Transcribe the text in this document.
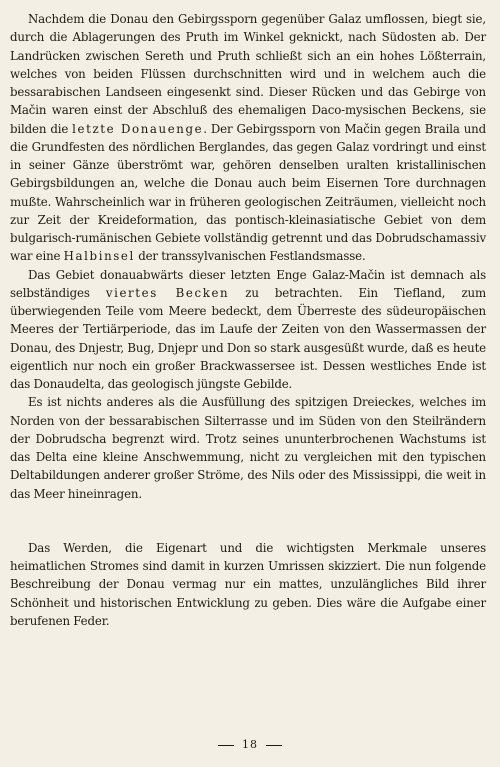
Nachdem die Donau den Gebirgssporn gegenüber Galaz umflossen, biegt sie, durch die Ablagerungen des Pruth im Winkel geknickt, nach Südosten ab. Der Landrücken zwischen Sereth und Pruth schließt sich an ein hohes Lößterrain, welches von beiden Flüssen durchschnitten wird und in welchem auch die bessarabischen Landseen eingesenkt sind. Dieser Rücken und das Gebirge von Mačin waren einst der Abschluß des ehemaligen Daco-mysischen Beckens, sie bilden die letzte Donauenge. Der Gebirgssporn von Mačin gegen Braila und die Grundfesten des nördlichen Berglandes, das gegen Galaz vordringt und einst in seiner Gänze überströmt war, gehören denselben uralten kristallinischen Gebirgsbildungen an, welche die Donau auch beim Eisernen Tore durchnagen mußte. Wahrscheinlich war in früheren geologischen Zeiträumen, vielleicht noch zur Zeit der Kreideformation, das pontisch-kleinasiatische Gebiet von dem bulgarisch-rumänischen Gebiete vollständig getrennt und das Dobrudschamassiv war eine Halbinsel der transsylvanischen Festlandsmasse.

Das Gebiet donauabwärts dieser letzten Enge Galaz-Mačin ist demnach als selbständiges viertes Becken zu betrachten. Ein Tiefland, zum überwiegenden Teile vom Meere bedeckt, dem Überreste des südeuropäischen Meeres der Tertiärperiode, das im Laufe der Zeiten von den Wassermassen der Donau, des Dnjestr, Bug, Dnjepr und Don so stark ausgesüßt wurde, daß es heute eigentlich nur noch ein großer Brackwassersee ist. Dessen westliches Ende ist das Donaudelta, das geologisch jüngste Gebilde.

Es ist nichts anderes als die Ausfüllung des spitzigen Dreieckes, welches im Norden von der bessarabischen Silterrasse und im Süden von den Steilrändern der Dobrudscha begrenzt wird. Trotz seines ununterbrochenen Wachstums ist das Delta eine kleine Anschwemmung, nicht zu vergleichen mit den typischen Deltabildungen anderer großer Ströme, des Nils oder des Mississippi, die weit in das Meer hineinragen.

Das Werden, die Eigenart und die wichtigsten Merkmale unseres heimatlichen Stromes sind damit in kurzen Umrissen skizziert. Die nun folgende Beschreibung der Donau vermag nur ein mattes, unzulängliches Bild ihrer Schönheit und historischen Entwicklung zu geben. Dies wäre die Aufgabe einer berufenen Feder.

18
